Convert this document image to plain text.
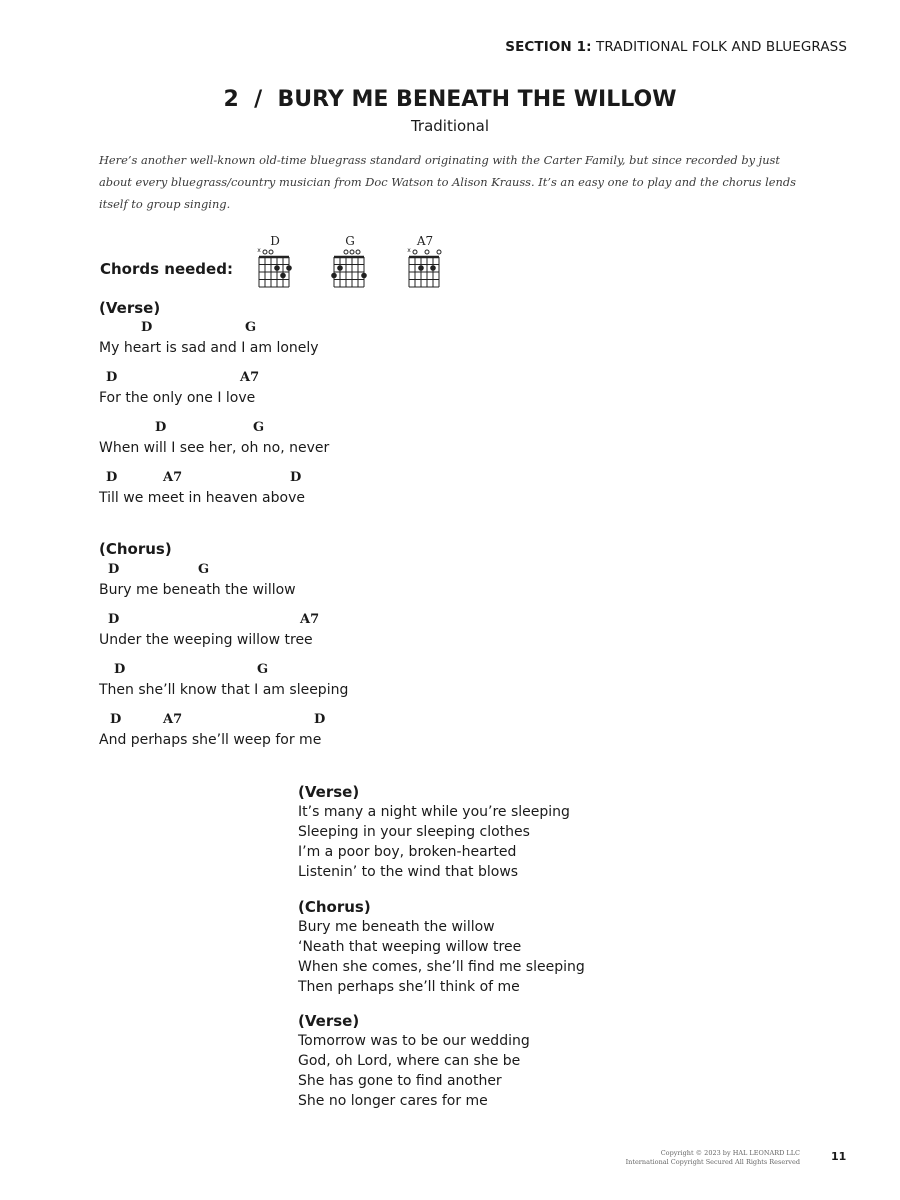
SECTION 1: TRADITIONAL FOLK AND BLUEGRASS
2  /  BURY ME BENEATH THE WILLOW
Traditional
Here’s another well-known old-time bluegrass standard originating with the Carter Family, but since recorded by just about every bluegrass/country musician from Doc Watson to Alison Krauss. It’s an easy one to play and the chorus lends itself to group singing.
Chords needed:
D
x
G	A7
x
(Verse)
D	G
My heart is sad and I am lonely
D	A7
For the only one I love
D	G
When will I see her, oh no, never
D	A7	D
Till we meet in heaven above
(Chorus)
D	G
Bury me beneath the willow
D	A7
Under the weeping willow tree
D	G
Then she’ll know that I am sleeping
D	A7	D
And perhaps she’ll weep for me
(Verse)
It’s many a night while you’re sleeping
Sleeping in your sleeping clothes
I’m a poor boy, broken-hearted
Listenin’ to the wind that blows
(Chorus)
Bury me beneath the willow
‘Neath that weeping willow tree
When she comes, she’ll find me sleeping
Then perhaps she’ll think of me
(Verse)
Tomorrow was to be our wedding
God, oh Lord, where can she be
She has gone to find another
She no longer cares for me
Copyright © 2023 by HAL LEONARD LLC
International Copyright Secured All Rights Reserved	11
